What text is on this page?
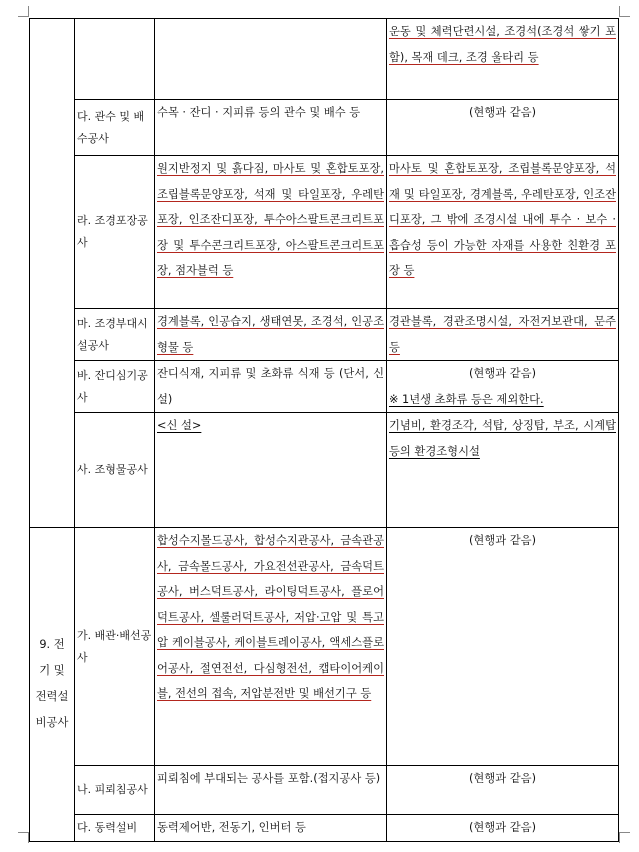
			운동 및 체력단련시설, 조경석(조경석 쌓기 포함), 목재 데크, 조경 울타리 등
	다. 관수 및 배수공사	수목 · 잔디 · 지피류 등의 관수 및 배수 등	(현행과 같음)
	라. 조경포장공사	원지반정지 및 흙다짐, 마사토 및 혼합토포장, 조립블록문양포장, 석재 및 타일포장, 우레탄포장, 인조잔디포장, 투수아스팔트콘크리트포장 및 투수콘크리트포장, 아스팔트콘크리트포장, 점자블럭 등	마사토 및 혼합토포장, 조립블록문양포장, 석재 및 타일포장, 경계블록, 우레탄포장, 인조잔디포장, 그 밖에 조경시설 내에 투수 · 보수 · 흡습성 등이 가능한 자재를 사용한 친환경 포장 등
	마. 조경부대시설공사	경계블록, 인공습지, 생태연못, 조경석, 인공조형물 등	경관블록, 경관조명시설, 자전거보관대, 문주 등
	바. 잔디심기공사	잔디식재, 지피류 및 초화류 식재 등 (단서, 신설)	(현행과 같음)
※ 1년생 초화류 등은 제외한다.

	사. 조형물공사	<신 설>	기념비, 환경조각, 석탑, 상징탑, 부조, 시계탑 등의 환경조형시설

9. 전기 및 전력설비공사	가. 배관·배선공사	합성수지몰드공사, 합성수지관공사, 금속관공사, 금속몰드공사, 가요전선관공사, 금속덕트공사, 버스덕트공사, 라이팅덕트공사, 플로어덕트공사, 셀룰러덕트공사, 저압·고압 및 특고압 케이블공사, 케이블트레이공사, 액세스플로어공사, 절연전선, 다심형전선, 캡타이어케이블, 전선의 접속, 저압분전반 및 배선기구 등	(현행과 같음)
	나. 피뢰침공사	피뢰침에 부대되는 공사를 포함.(접지공사 등)	(현행과 같음)
	다. 동력설비	동력제어반, 전동기, 인버터 등	(현행과 같음)
